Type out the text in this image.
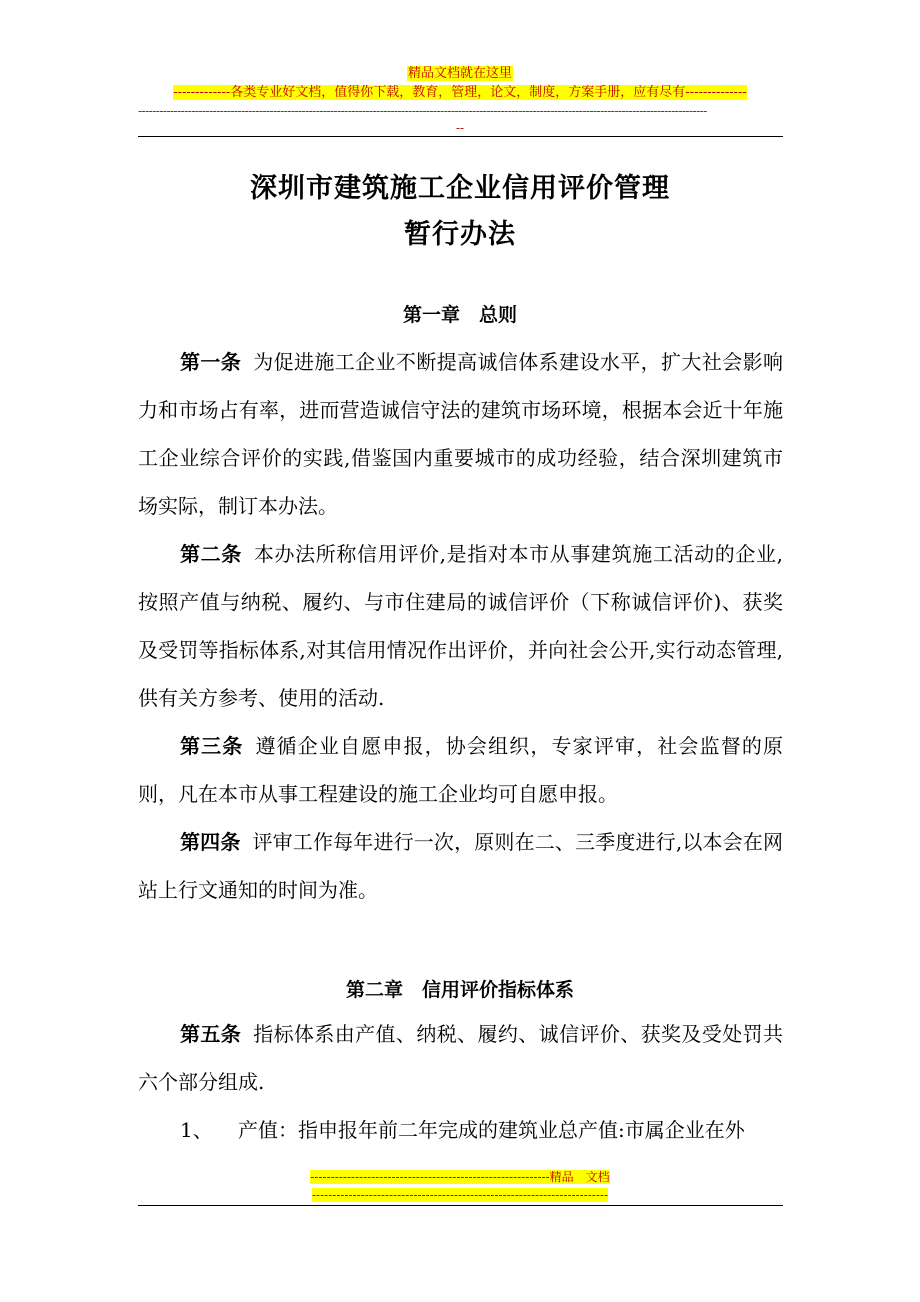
精品文档就在这里
-------------各类专业好文档，值得你下载，教育，管理，论文，制度，方案手册，应有尽有--------------
----------------------------------------------------------------------------------------------------------------------------------------------------------------
--
深圳市建筑施工企业信用评价管理
暂行办法
第一章　总则

第一条 为促进施工企业不断提高诚信体系建设水平，扩大社会影响力和市场占有率，进而营造诚信守法的建筑市场环境，根据本会近十年施工企业综合评价的实践,借鉴国内重要城市的成功经验，结合深圳建筑市场实际，制订本办法。

第二条 本办法所称信用评价,是指对本市从事建筑施工活动的企业,按照产值与纳税、履约、与市住建局的诚信评价（下称诚信评价)、获奖及受罚等指标体系,对其信用情况作出评价，并向社会公开,实行动态管理,供有关方参考、使用的活动.

第三条 遵循企业自愿申报，协会组织，专家评审，社会监督的原则，凡在本市从事工程建设的施工企业均可自愿申报。

第四条 评审工作每年进行一次，原则在二、三季度进行,以本会在网站上行文通知的时间为准。

第二章　信用评价指标体系

第五条 指标体系由产值、纳税、履约、诚信评价、获奖及受处罚共六个部分组成.

1、 产值：指申报年前二年完成的建筑业总产值:市属企业在外
-----------------------------------------------------------精品　文档
-------------------------------------------------------------------------
